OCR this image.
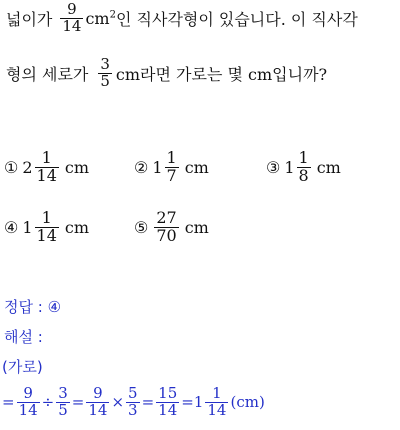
넓이가 $\frac{9}{14} cm^2$ 인 직사각형이 있습니다. 이 직사각
형의 세로가 $\frac{3}{5}$ cm라면 가로는 몇 cm입니까?
① $2 \frac{1}{14}$ cm	② $1 \frac{1}{7}$ cm	③ $1 \frac{1}{8}$ cm
④ $1 \frac{1}{14}$ cm	⑤ $\frac{27}{70}$ cm
정답 : ④
해설 :
(가로)
= $\frac{9}{14} \div \frac{3}{5} = \frac{9}{14} \times \frac{5}{3} = \frac{15}{14} = 1 \frac{1}{14} (cm)$
